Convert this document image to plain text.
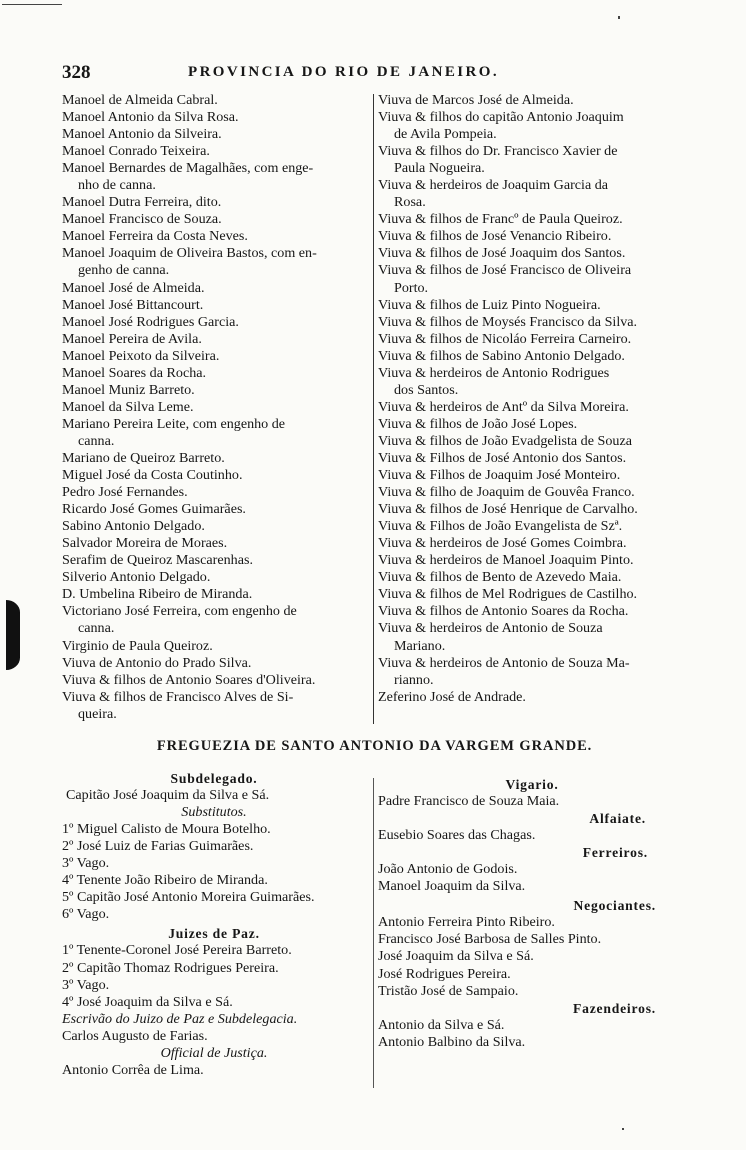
328	PROVINCIA DO RIO DE JANEIRO.
Manoel de Almeida Cabral.
Manoel Antonio da Silva Rosa.
Manoel Antonio da Silveira.
Manoel Conrado Teixeira.
Manoel Bernardes de Magalhães, com enge-
nho de canna.
Manoel Dutra Ferreira, dito.
Manoel Francisco de Souza.
Manoel Ferreira da Costa Neves.
Manoel Joaquim de Oliveira Bastos, com en-
genho de canna.
Manoel José de Almeida.
Manoel José Bittancourt.
Manoel José Rodrigues Garcia.
Manoel Pereira de Avila.
Manoel Peixoto da Silveira.
Manoel Soares da Rocha.
Manoel Muniz Barreto.
Manoel da Silva Leme.
Mariano Pereira Leite, com engenho de
canna.
Mariano de Queiroz Barreto.
Miguel José da Costa Coutinho.
Pedro José Fernandes.
Ricardo José Gomes Guimarães.
Sabino Antonio Delgado.
Salvador Moreira de Moraes.
Serafim de Queiroz Mascarenhas.
Silverio Antonio Delgado.
D. Umbelina Ribeiro de Miranda.
Victoriano José Ferreira, com engenho de
canna.
Virginio de Paula Queiroz.
Viuva de Antonio do Prado Silva.
Viuva & filhos de Antonio Soares d'Oliveira.
Viuva & filhos de Francisco Alves de Si-
queira.
Viuva de Marcos José de Almeida.
Viuva & filhos do capitão Antonio Joaquim
de Avila Pompeia.
Viuva & filhos do Dr. Francisco Xavier de
Paula Nogueira.
Viuva & herdeiros de Joaquim Garcia da
Rosa.
Viuva & filhos de Francº de Paula Queiroz.
Viuva & filhos de José Venancio Ribeiro.
Viuva & filhos de José Joaquim dos Santos.
Viuva & filhos de José Francisco de Oliveira
Porto.
Viuva & filhos de Luiz Pinto Nogueira.
Viuva & filhos de Moysés Francisco da Silva.
Viuva & filhos de Nicoláo Ferreira Carneiro.
Viuva & filhos de Sabino Antonio Delgado.
Viuva & herdeiros de Antonio Rodrigues
dos Santos.
Viuva & herdeiros de Antº da Silva Moreira.
Viuva & filhos de João José Lopes.
Viuva & filhos de João Evadgelista de Souza
Viuva & Filhos de José Antonio dos Santos.
Viuva & Filhos de Joaquim José Monteiro.
Viuva & filho de Joaquim de Gouvêa Franco.
Viuva & filhos de José Henrique de Carvalho.
Viuva & Filhos de João Evangelista de Szª.
Viuva & herdeiros de José Gomes Coimbra.
Viuva & herdeiros de Manoel Joaquim Pinto.
Viuva & filhos de Bento de Azevedo Maia.
Viuva & filhos de Mel Rodrigues de Castilho.
Viuva & filhos de Antonio Soares da Rocha.
Viuva & herdeiros de Antonio de Souza
Mariano.
Viuva & herdeiros de Antonio de Souza Ma-
rianno.
Zeferino José de Andrade.
FREGUEZIA DE SANTO ANTONIO DA VARGEM GRANDE.
Subdelegado.
Capitão José Joaquim da Silva e Sá.
Substitutos.
1º Miguel Calisto de Moura Botelho.
2º José Luiz de Farias Guimarães.
3º Vago.
4º Tenente João Ribeiro de Miranda.
5º Capitão José Antonio Moreira Guimarães.
6º Vago.
Juizes de Paz.
1º Tenente-Coronel José Pereira Barreto.
2º Capitão Thomaz Rodrigues Pereira.
3º Vago.
4º José Joaquim da Silva e Sá.
Escrivão do Juizo de Paz e Subdelegacia.
Carlos Augusto de Farias.
Official de Justiça.
Antonio Corrêa de Lima.
Vigario.
Padre Francisco de Souza Maia.
Alfaiate.
Eusebio Soares das Chagas.
Ferreiros.
João Antonio de Godois.
Manoel Joaquim da Silva.
Negociantes.
Antonio Ferreira Pinto Ribeiro.
Francisco José Barbosa de Salles Pinto.
José Joaquim da Silva e Sá.
José Rodrigues Pereira.
Tristão José de Sampaio.
Fazendeiros.
Antonio da Silva e Sá.
Antonio Balbino da Silva.
